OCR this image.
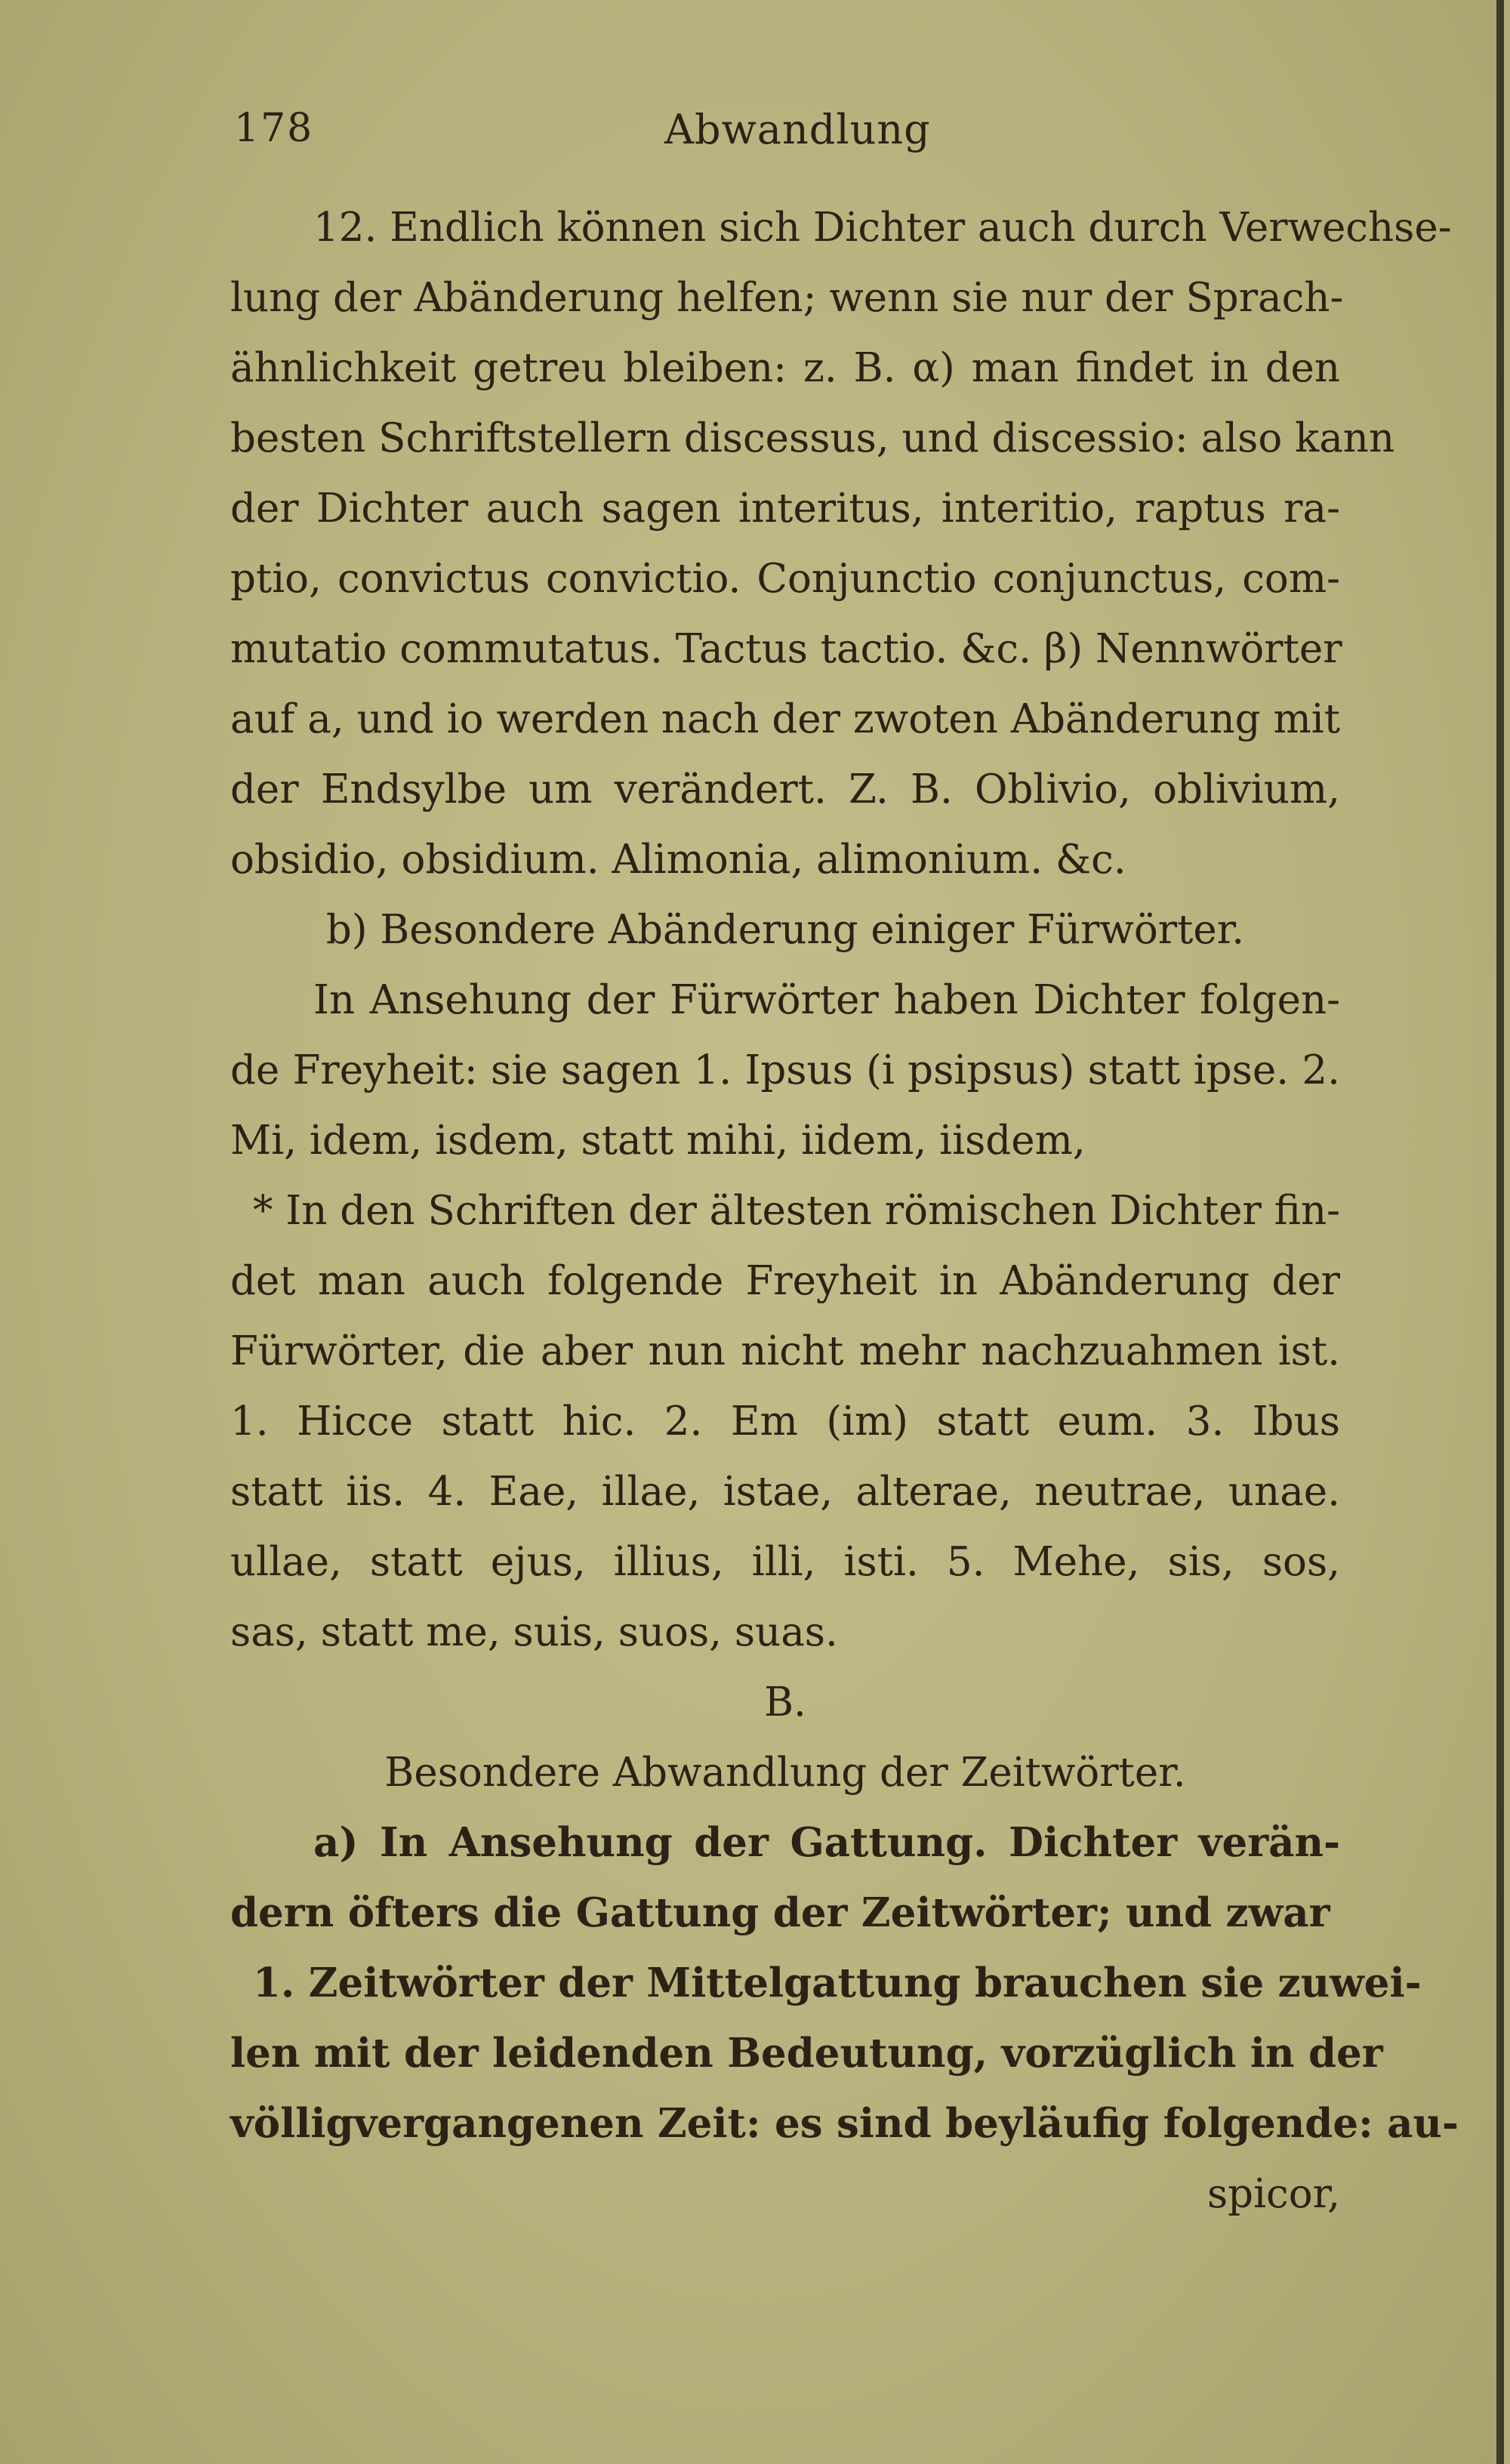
178	Abwandlung
12. Endlich können sich Dichter auch durch Verwechse-
lung der Abänderung helfen; wenn sie nur der Sprach-
ähnlichkeit getreu bleiben: z. B. α) man findet in den
besten Schriftstellern discessus, und discessio: also kann
der Dichter auch sagen interitus, interitio, raptus ra-
ptio, convictus convictio. Conjunctio conjunctus, com-
mutatio commutatus. Tactus tactio. &c. β) Nennwörter
auf a, und io werden nach der zwoten Abänderung mit
der Endsylbe um verändert. Z. B. Oblivio, oblivium,
obsidio, obsidium. Alimonia, alimonium. &c.
b) Besondere Abänderung einiger Fürwörter.
In Ansehung der Fürwörter haben Dichter folgen-
de Freyheit: sie sagen 1. Ipsus (i psipsus) statt ipse. 2.
Mi, idem, isdem, statt mihi, iidem, iisdem,
* In den Schriften der ältesten römischen Dichter fin-
det man auch folgende Freyheit in Abänderung der
Fürwörter, die aber nun nicht mehr nachzuahmen ist.
1. Hicce statt hic. 2. Em (im) statt eum. 3. Ibus
statt iis. 4. Eae, illae, istae, alterae, neutrae, unae.
ullae, statt ejus, illius, illi, isti. 5. Mehe, sis, sos,
sas, statt me, suis, suos, suas.
B.
Besondere Abwandlung der Zeitwörter.
a) In Ansehung der Gattung. Dichter verän-
dern öfters die Gattung der Zeitwörter; und zwar
1. Zeitwörter der Mittelgattung brauchen sie zuwei-
len mit der leidenden Bedeutung, vorzüglich in der
völligvergangenen Zeit: es sind beyläufig folgende: au-
spicor,
